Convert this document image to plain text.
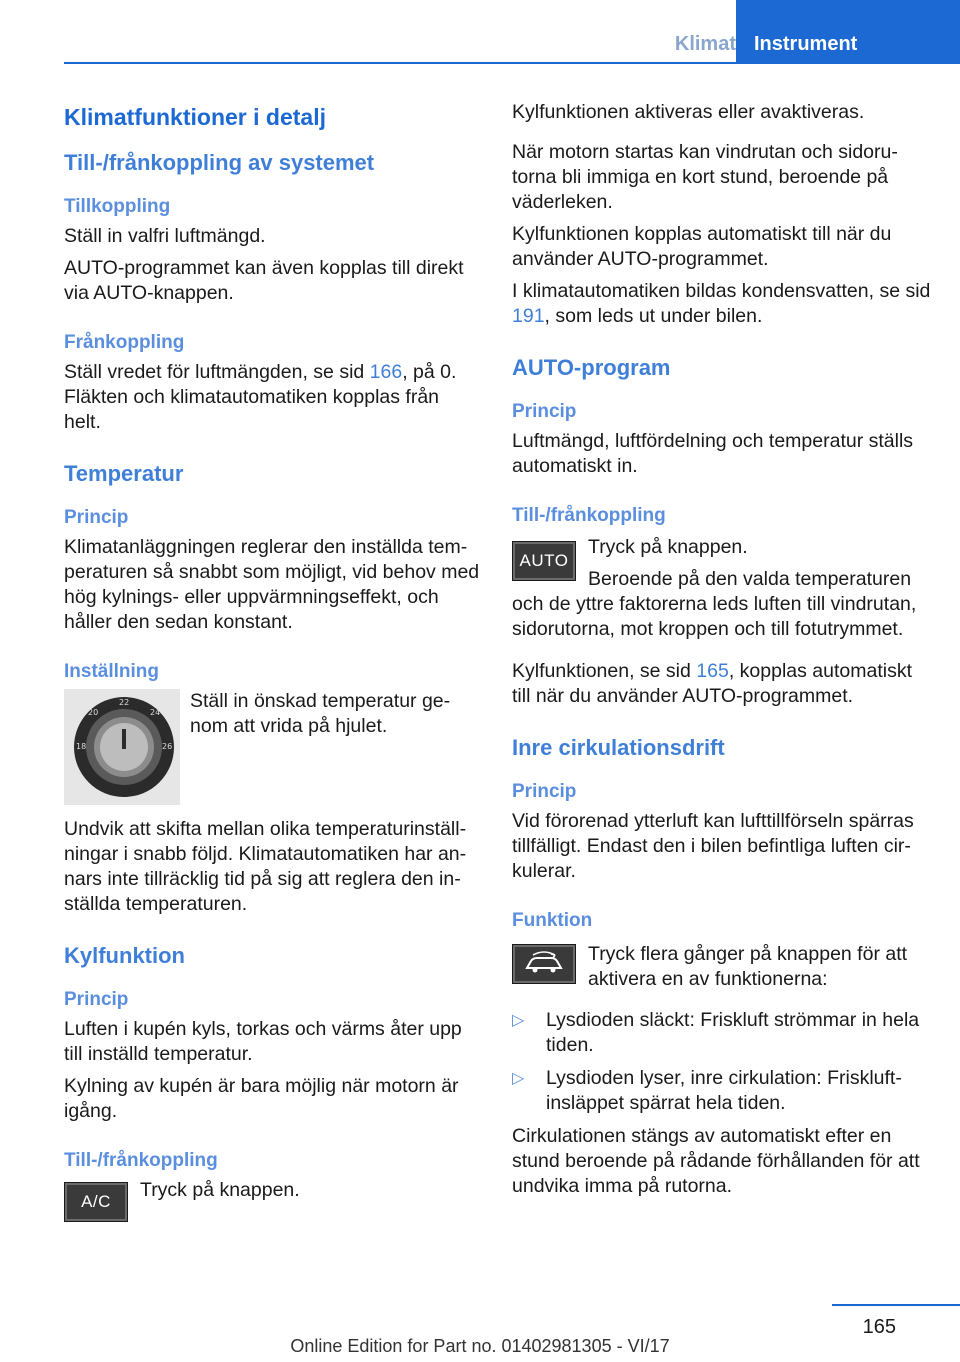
Klimat Instrument
Klimatfunktioner i detalj
Till-/frånkoppling av systemet
Tillkoppling

Ställ in valfri luftmängd.

AUTO-programmet kan även kopplas till direkt via AUTO-knappen.

Frånkoppling

Ställ vredet för luftmängden, se sid 166, på 0. Fläkten och klimatautomatiken kopplas från helt.

Temperatur
Princip

Klimatanläggningen reglerar den inställda tem‐peraturen så snabbt som möjligt, vid behov med hög kylnings- eller uppvärmningseffekt, och håller den sedan konstant.

Inställning
22
20	24
18	26

Ställ in önskad temperatur ge‐nom att vrida på hjulet.

Undvik att skifta mellan olika temperaturinställ‐ningar i snabb följd. Klimatautomatiken har an‐nars inte tillräcklig tid på sig att reglera den in‐ställda temperaturen.

Kylfunktion
Princip

Luften i kupén kyls, torkas och värms åter upp till inställd temperatur.

Kylning av kupén är bara möjlig när motorn är igång.

Till-/frånkoppling
A/C

Tryck på knappen.

Kylfunktionen aktiveras eller avaktiveras.

När motorn startas kan vindrutan och sidoru‐torna bli immiga en kort stund, beroende på väderleken.

Kylfunktionen kopplas automatiskt till när du använder AUTO-programmet.

I klimatautomatiken bildas kondensvatten, se sid 191, som leds ut under bilen.

AUTO-program
Princip

Luftmängd, luftfördelning och temperatur ställs automatiskt in.

Till-/frånkoppling
AUTO

Tryck på knappen.

Beroende på den valda temperaturen och de yttre faktorerna leds luften till vindrutan, sidorutorna, mot kroppen och till fotutrymmet.

Kylfunktionen, se sid 165, kopplas automatiskt till när du använder AUTO-programmet.

Inre cirkulationsdrift
Princip

Vid förorenad ytterluft kan lufttillförseln spärras tillfälligt. Endast den i bilen befintliga luften cir‐kulerar.

Funktion

Tryck flera gånger på knappen för att aktivera en av funktionerna:

▷ Lysdioden släckt: Friskluft strömmar in hela tiden.
▷ Lysdioden lyser, inre cirkulation: Friskluft‐insläppet spärrat hela tiden.

Cirkulationen stängs av automatiskt efter en stund beroende på rådande förhållanden för att undvika imma på rutorna.

165
Online Edition for Part no. 01402981305 - VI/17
